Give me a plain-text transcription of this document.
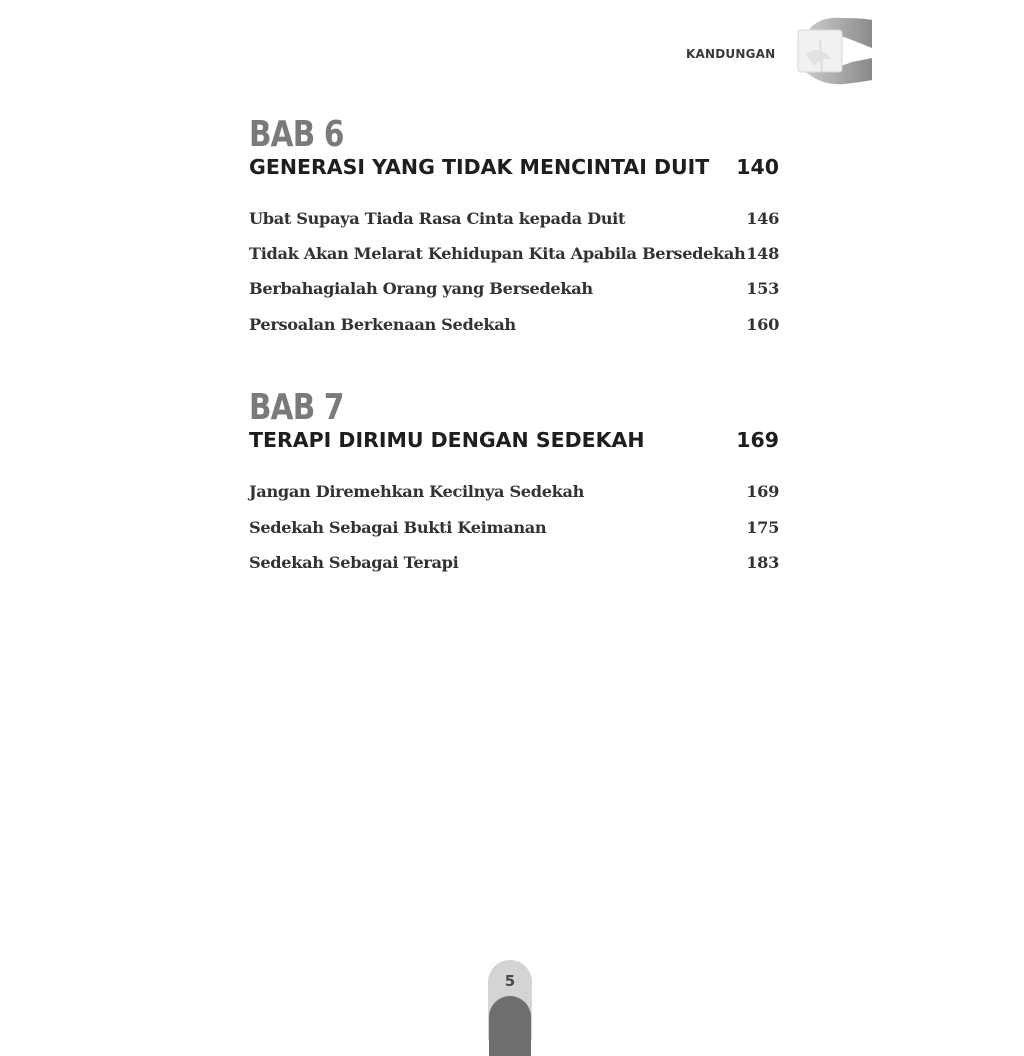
KANDUNGAN
BAB 6
GENERASI YANG TIDAK MENCINTAI DUIT 140
Ubat Supaya Tiada Rasa Cinta kepada Duit	146
Tidak Akan Melarat Kehidupan Kita Apabila Bersedekah 148
Berbahagialah Orang yang Bersedekah	153
Persoalan Berkenaan Sedekah	160
BAB 7
TERAPI DIRIMU DENGAN SEDEKAH	169
Jangan Diremehkan Kecilnya Sedekah	169
Sedekah Sebagai Bukti Keimanan	175
Sedekah Sebagai Terapi	183
5
